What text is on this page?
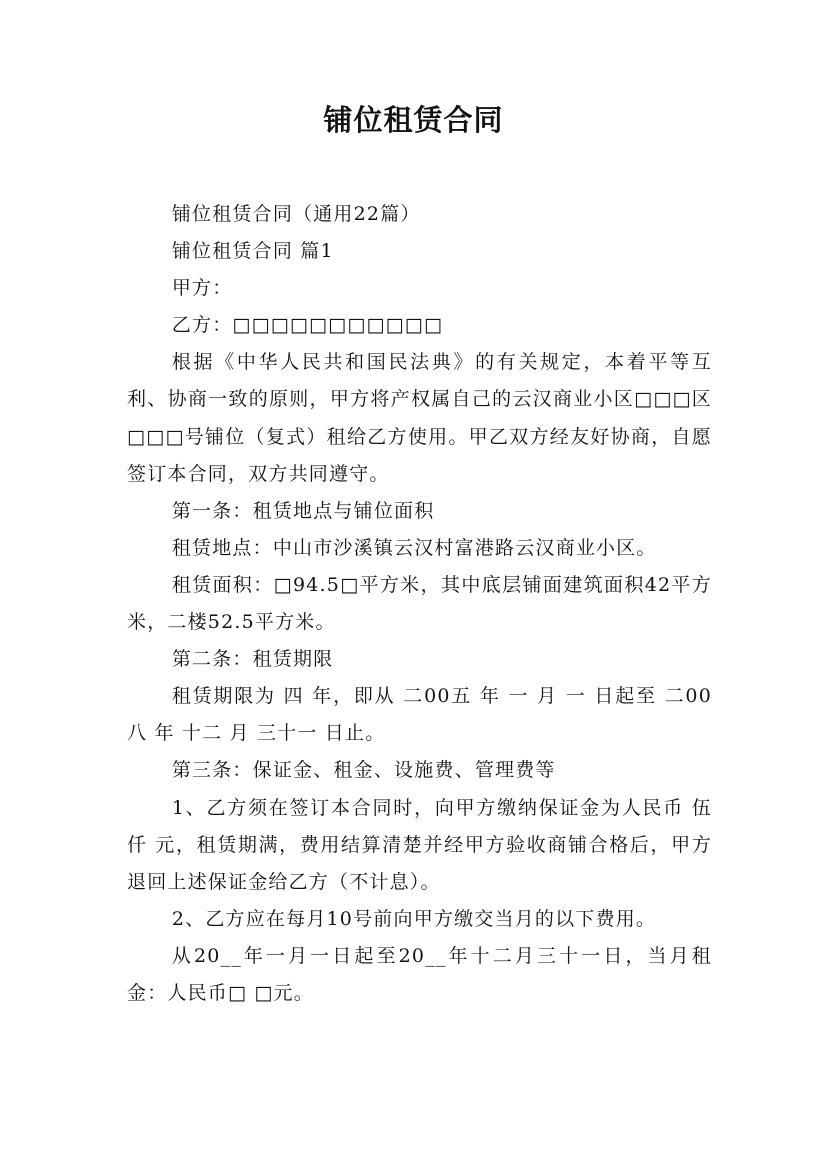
铺位租赁合同

铺位租赁合同（通用22篇）

铺位租赁合同 篇1

甲方：

乙方：□□□□□□□□□□□

根据《中华人民共和国民法典》的有关规定，本着平等互利、协商一致的原则，甲方将产权属自己的云汉商业小区□□□区□□□号铺位（复式）租给乙方使用。甲乙双方经友好协商，自愿签订本合同，双方共同遵守。

第一条：租赁地点与铺位面积

租赁地点：中山市沙溪镇云汉村富港路云汉商业小区。

租赁面积：□94.5□平方米，其中底层铺面建筑面积42平方米，二楼52.5平方米。

第二条：租赁期限

租赁期限为 四 年，即从 二00五 年 一 月 一 日起至 二00八 年 十二 月 三十一 日止。

第三条：保证金、租金、设施费、管理费等

1、乙方须在签订本合同时，向甲方缴纳保证金为人民币 伍仟 元，租赁期满，费用结算清楚并经甲方验收商铺合格后，甲方退回上述保证金给乙方（不计息）。

2、乙方应在每月10号前向甲方缴交当月的以下费用。

从20__年一月一日起至20__年十二月三十一日，当月租金：人民币□ □元。
